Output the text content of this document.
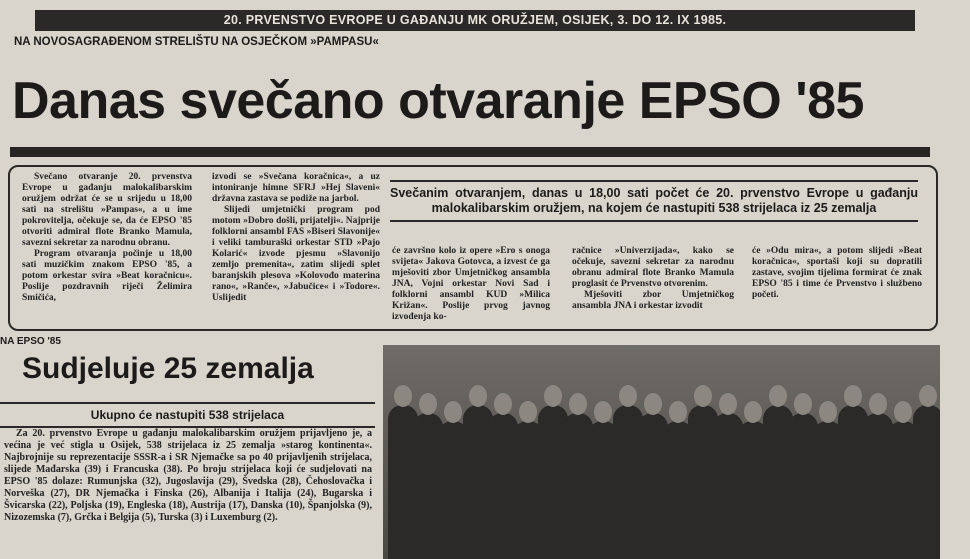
20. PRVENSTVO EVROPE U GAĐANJU MK ORUŽJEM, OSIJEK, 3. DO 12. IX 1985.
NA NOVOSAGRAĐENOM STRELIŠTU NA OSJEČKOM »PAMPASU«
Danas svečano otvaranje EPSO '85

Svečano otvaranje 20. prvenstva Evrope u gađanju malokalibarskim oružjem održat će se u srijedu u 18,00 sati na strelištu »Pampas«, a u ime pokrovitelja, očekuje se, da će EPSO '85 otvoriti admiral flote Branko Mamula, savezni sekretar za narodnu obranu.

Program otvaranja počinje u 18,00 sati muzičkim znakom EPSO '85, a potom orkestar svira »Beat koračnicu«. Poslije pozdravnih riječi Želimira Smičića,

izvodi se »Svečana koračnica«, a uz intoniranje himne SFRJ »Hej Slaveni« državna zastava se podiže na jarbol.

Slijedi umjetnički program pod motom »Dobro došli, prijatelji«. Najprije folklorni ansambl FAS »Biseri Slavonije« i veliki tamburaški orkestar STD »Pajo Kolarić« izvode pjesmu »Slavonijo zemljo premenita«, zatim slijedi splet baranjskih plesova »Kolovođo materina rano«, »Ranče«, »Jabučice« i »Todore«. Uslijedit

Svečanim otvaranjem, danas u 18,00 sati počet će 20. prvenstvo Evrope u gađanju malokalibarskim oružjem, na kojem će nastupiti 538 strijelaca iz 25 zemalja

će završno kolo iz opere »Ero s onoga svijeta« Jakova Gotovca, a izvest će ga mješoviti zbor Umjetničkog ansambla JNA, Vojni orkestar Novi Sad i folklorni ansambl KUD »Milica Križan«. Poslije prvog javnog izvođenja ko-

račnice »Univerzijada«, kako se očekuje, savezni sekretar za narodnu obranu admiral flote Branko Mamula proglasit će Prvenstvo otvorenim.

Mješoviti zbor Umjetničkog ansambla JNA i orkestar izvodit

će »Odu mira«, a potom slijedi »Beat koračnica«, sportaši koji su dopratili zastave, svojim tijelima formirat će znak EPSO '85 i time će Prvenstvo i službeno početi.

NA EPSO '85
Sudjeluje 25 zemalja
Ukupno će nastupiti 538 strijelaca

Za 20. prvenstvo Evrope u gađanju malokalibarskim oružjem prijavljeno je, a većina je već stigla u Osijek, 538 strijelaca iz 25 zemalja »starog kontinenta«. Najbrojnije su reprezentacije SSSR-a i SR Njemačke sa po 40 prijavljenih strijelaca, slijede Mađarska (39) i Francuska (38). Po broju strijelaca koji će sudjelovati na EPSO '85 dolaze: Rumunjska (32), Jugoslavija (29), Švedska (28), Čehoslovačka i Norveška (27), DR Njemačka i Finska (26), Albanija i Italija (24), Bugarska i Švicarska (22), Poljska (19), Engleska (18), Austrija (17), Danska (10), Španjolska (9), Nizozemska (7), Grčka i Belgija (5), Turska (3) i Luxemburg (2).
